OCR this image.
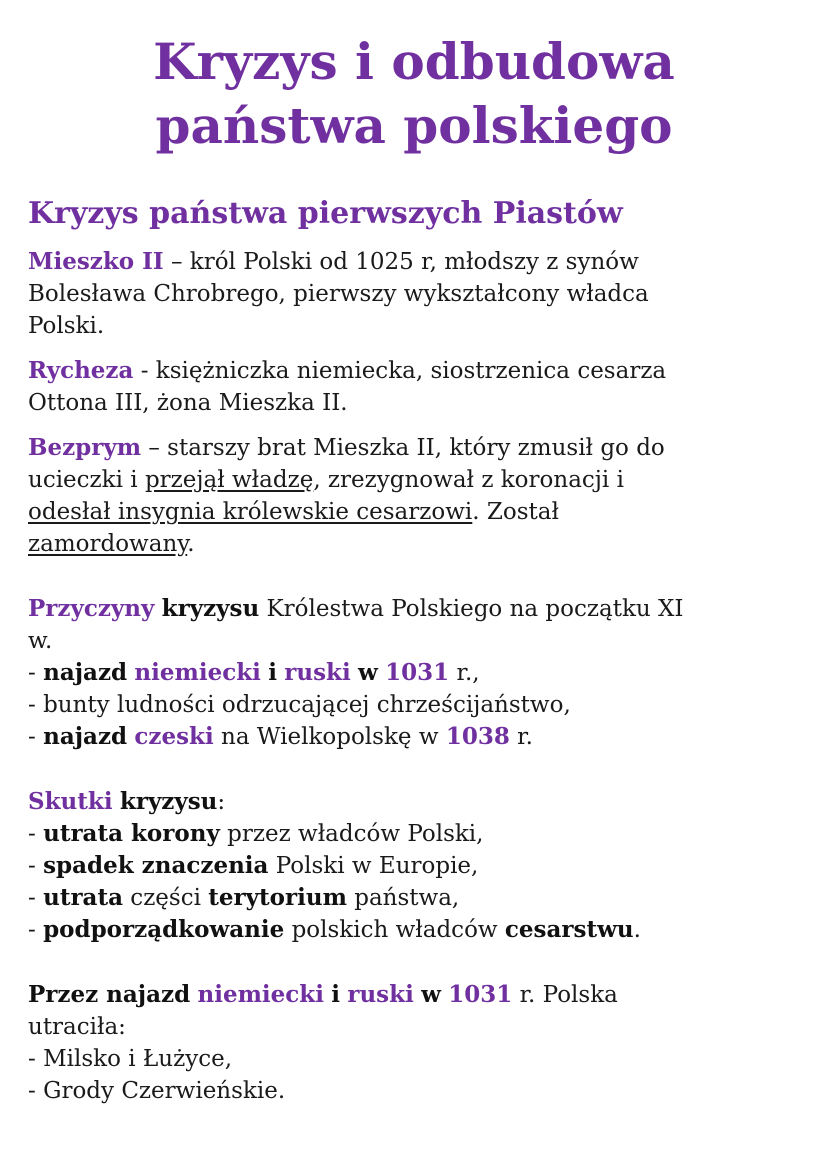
Kryzys i odbudowa
państwa polskiego
Kryzys państwa pierwszych Piastów
Mieszko II – król Polski od 1025 r, młodszy z synów
Bolesława Chrobrego, pierwszy wykształcony władca
Polski.
Rycheza - księżniczka niemiecka, siostrzenica cesarza
Ottona III, żona Mieszka II.
Bezprym – starszy brat Mieszka II, który zmusił go do
ucieczki i przejął władzę, zrezygnował z koronacji i
odesłał insygnia królewskie cesarzowi. Został
zamordowany.
Przyczyny kryzysu Królestwa Polskiego na początku XI
w.
- najazd niemiecki i ruski w 1031 r.,
- bunty ludności odrzucającej chrześcijaństwo,
- najazd czeski na Wielkopolskę w 1038 r.
Skutki kryzysu:
- utrata korony przez władców Polski,
- spadek znaczenia Polski w Europie,
- utrata części terytorium państwa,
- podporządkowanie polskich władców cesarstwu.
Przez najazd niemiecki i ruski w 1031 r. Polska
utraciła:
- Milsko i Łużyce,
- Grody Czerwieńskie.
